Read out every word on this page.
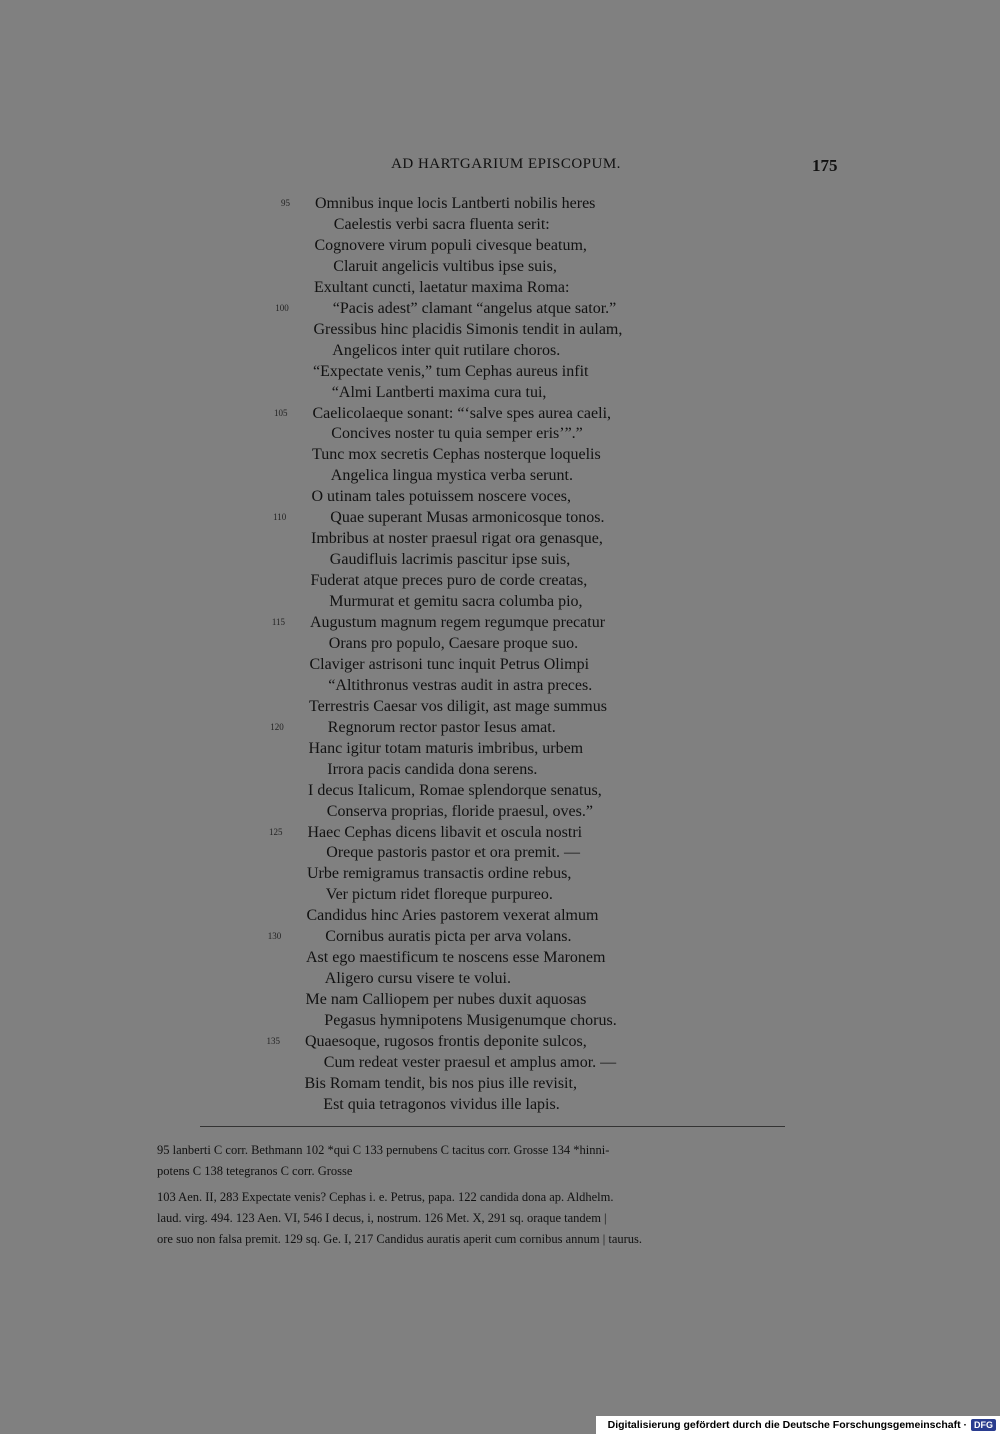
AD HARTGARIUM EPISCOPUM.	175
Omnibus inque locis Lantberti nobilis heres
Caelestis verbi sacra fluenta serit:
Cognovere virum populi civesque beatum,
Claruit angelicis vultibus ipse suis,
Exultant cuncti, laetatur maxima Roma:
“Pacis adest” clamant “angelus atque sator.”
Gressibus hinc placidis Simonis tendit in aulam,
Angelicos inter quit rutilare choros.
“Expectate venis,” tum Cephas aureus infit
“Almi Lantberti maxima cura tui,
Caelicolaeque sonant: “‘salve spes aurea caeli,
Concives noster tu quia semper eris’”.”
Tunc mox secretis Cephas nosterque loquelis
Angelica lingua mystica verba serunt.
O utinam tales potuissem noscere voces,
Quae superant Musas armonicosque tonos.
Imbribus at noster praesul rigat ora genasque,
Gaudifluis lacrimis pascitur ipse suis,
Fuderat atque preces puro de corde creatas,
Murmurat et gemitu sacra columba pio,
Augustum magnum regem regumque precatur
Orans pro populo, Caesare proque suo.
Claviger astrisoni tunc inquit Petrus Olimpi
“Altithronus vestras audit in astra preces.
Terrestris Caesar vos diligit, ast mage summus
Regnorum rector pastor Iesus amat.
Hanc igitur totam maturis imbribus, urbem
Irrora pacis candida dona serens.
I decus Italicum, Romae splendorque senatus,
Conserva proprias, floride praesul, oves.”
Haec Cephas dicens libavit et oscula nostri
Oreque pastoris pastor et ora premit. —
Urbe remigramus transactis ordine rebus,
Ver pictum ridet floreque purpureo.
Candidus hinc Aries pastorem vexerat almum
Cornibus auratis picta per arva volans.
Ast ego maestificum te noscens esse Maronem
Aligero cursu visere te volui.
Me nam Calliopem per nubes duxit aquosas
Pegasus hymnipotens Musigenumque chorus.
Quaesoque, rugosos frontis deponite sulcos,
Cum redeat vester praesul et amplus amor. —
Bis Romam tendit, bis nos pius ille revisit,
Est quia tetragonos vividus ille lapis.
95
100
105
110
115
120
125
130
135
95 lanberti C corr. Bethmann 102 *qui C 133 pernubens C tacitus corr. Grosse 134 *hinni-
potens C 138 tetegranos C corr. Grosse
103 Aen. II, 283 Expectate venis? Cephas i. e. Petrus, papa. 122 candida dona ap. Aldhelm.
laud. virg. 494. 123 Aen. VI, 546 I decus, i, nostrum. 126 Met. X, 291 sq. oraque tandem |
ore suo non falsa premit. 129 sq. Ge. I, 217 Candidus auratis aperit cum cornibus annum | taurus.
Digitalisierung gefördert durch die Deutsche Forschungsgemeinschaft · DFG
